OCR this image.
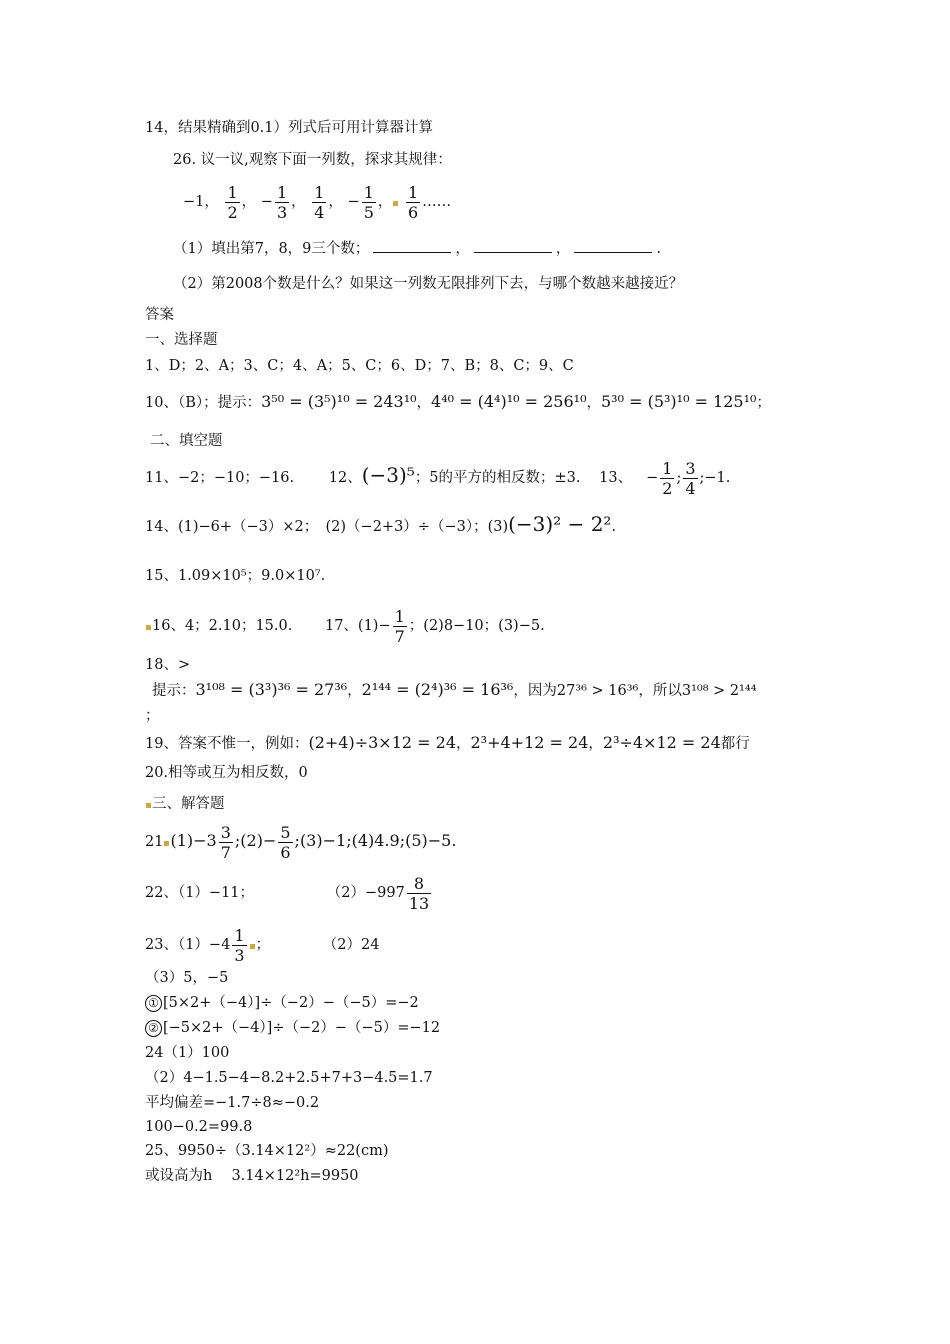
14，结果精确到0.1）列式后可用计算器计算
26. 议一议,观察下面一列数，探求其规律：
−1， $\frac{1}{2}$ ， − $\frac{1}{3}$ ， $\frac{1}{4}$ ， − $\frac{1}{5}$ ， $\frac{1}{6}$ ……
（1）填出第7，8，9三个数；	，	，	.
（2）第2008个数是什么？如果这一列数无限排列下去，与哪个数越来越接近？
答案
一、选择题
1、D；2、A；3、C；4、A；5、C；6、D；7、B；8、C；9、C
10、（B）；提示：3⁵⁰ = (3⁵)¹⁰ = 243¹⁰，4⁴⁰ = (4⁴)¹⁰ = 256¹⁰，5³⁰ = (5³)¹⁰ = 125¹⁰；
二、填空题
11、−2；−10；−16. 12、(−3)⁵；5的平方的相反数；±3. 13、 − $\frac{1}{2}$ ; $\frac{3}{4}$ ;−1.
14、(1)−6+（−3）×2；　(2)（−2+3）÷（−3）；(3)(−3)² − 2².
15、1.09×10⁵；9.0×10⁷.
16、4；2.10；15.0. 17、$(1)- \frac{1}{7}$ ；(2)8−10；(3)−5.
18、>
提示：3¹⁰⁸ = (3³)³⁶ = 27³⁶，2¹⁴⁴ = (2⁴)³⁶ = 16³⁶，因为27³⁶ > 16³⁶，所以3¹⁰⁸ > 2¹⁴⁴
；
19、答案不惟一，例如：(2+4)÷3×12 = 24，2³+4+12 = 24，2³÷4×12 = 24都行
20.相等或互为相反数，0
三、解答题
21 $(1)-3 \frac{3}{7}$ ;(2)− $\frac{5}{6}$ ;(3)−1;(4)4.9;(5)−5.
22、（1）−11；	$(2)-997 \frac{8}{13}$
23、$(1)-4 \frac{1}{3}$ ；	（2）24
（3）5，−5
① [5×2+（−4）]÷（−2）−（−5）=−2
② [−5×2+（−4）]÷（−2）−（−5）=−12
24（1）100
（2）4−1.5−4−8.2+2.5+7+3−4.5=1.7
平均偏差=−1.7÷8≈−0.2
100−0.2=99.8
25、9950÷（3.14×12²）≈22(cm)
或设高为h　 3.14×12²h=9950
